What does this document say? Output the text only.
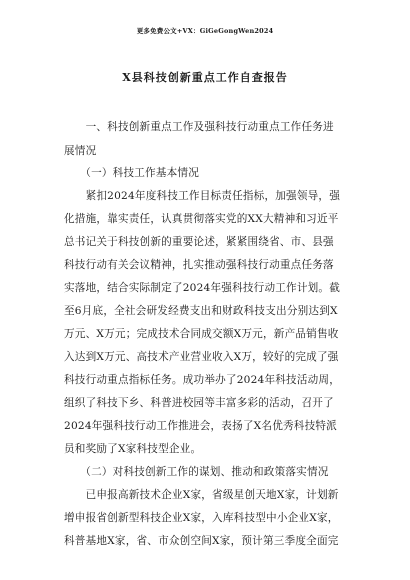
更多免费公文+VX：GiGeGongWen2024
X县科技创新重点工作自查报告
　　一、科技创新重点工作及强科技行动重点工作任务进
展情况
　　（一）科技工作基本情况
　　紧扣2024年度科技工作目标责任指标，加强领导，强
化措施，靠实责任，认真贯彻落实党的XX大精神和习近平
总书记关于科技创新的重要论述，紧紧围绕省、市、县强
科技行动有关会议精神，扎实推动强科技行动重点任务落
实落地，结合实际制定了2024年强科技行动工作计划。截
至6月底，全社会研发经费支出和财政科技支出分别达到X
万元、X万元；完成技术合同成交额X万元，新产品销售收
入达到X万元、高技术产业营业收入X万，较好的完成了强
科技行动重点指标任务。成功举办了2024年科技活动周，
组织了科技下乡、科普进校园等丰富多彩的活动，召开了
2024年强科技行动工作推进会，表扬了X名优秀科技特派
员和奖励了X家科技型企业。
　　（二）对科技创新工作的谋划、推动和政策落实情况
　　已申报高新技术企业X家，省级星创天地X家，计划新
增申报省创新型科技企业X家，入库科技型中小企业X家，
科普基地X家，省、市众创空间X家，预计第三季度全面完
